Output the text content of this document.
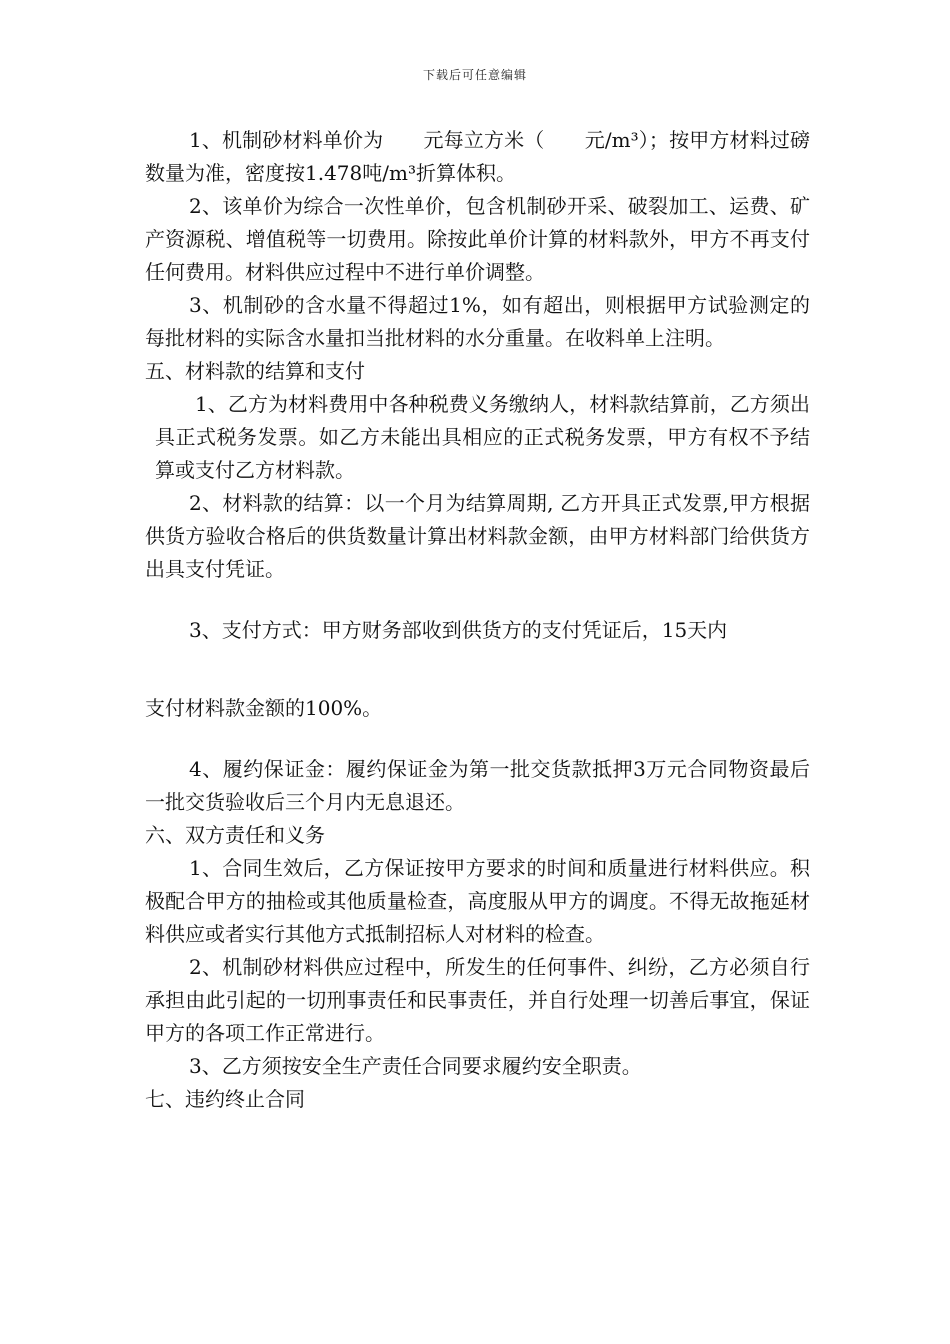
下载后可任意编辑

1、机制砂材料单价为　　元每立方米（　　元/m³）；按甲方材料过磅数量为准，密度按1.478吨/m³折算体积。

2、该单价为综合一次性单价，包含机制砂开采、破裂加工、运费、矿产资源税、增值税等一切费用。除按此单价计算的材料款外，甲方不再支付任何费用。材料供应过程中不进行单价调整。

3、机制砂的含水量不得超过1%，如有超出，则根据甲方试验测定的每批材料的实际含水量扣当批材料的水分重量。在收料单上注明。

五、材料款的结算和支付

1、乙方为材料费用中各种税费义务缴纳人，材料款结算前，乙方须出具正式税务发票。如乙方未能出具相应的正式税务发票，甲方有权不予结算或支付乙方材料款。

2、材料款的结算：以一个月为结算周期, 乙方开具正式发票,甲方根据供货方验收合格后的供货数量计算出材料款金额，由甲方材料部门给供货方出具支付凭证。

3、支付方式：甲方财务部收到供货方的支付凭证后，15天内

支付材料款金额的100%。

4、履约保证金：履约保证金为第一批交货款抵押3万元合同物资最后一批交货验收后三个月内无息退还。

六、双方责任和义务

1、合同生效后，乙方保证按甲方要求的时间和质量进行材料供应。积极配合甲方的抽检或其他质量检查，高度服从甲方的调度。不得无故拖延材料供应或者实行其他方式抵制招标人对材料的检查。

2、机制砂材料供应过程中，所发生的任何事件、纠纷，乙方必须自行承担由此引起的一切刑事责任和民事责任，并自行处理一切善后事宜，保证甲方的各项工作正常进行。

3、乙方须按安全生产责任合同要求履约安全职责。

七、违约终止合同
